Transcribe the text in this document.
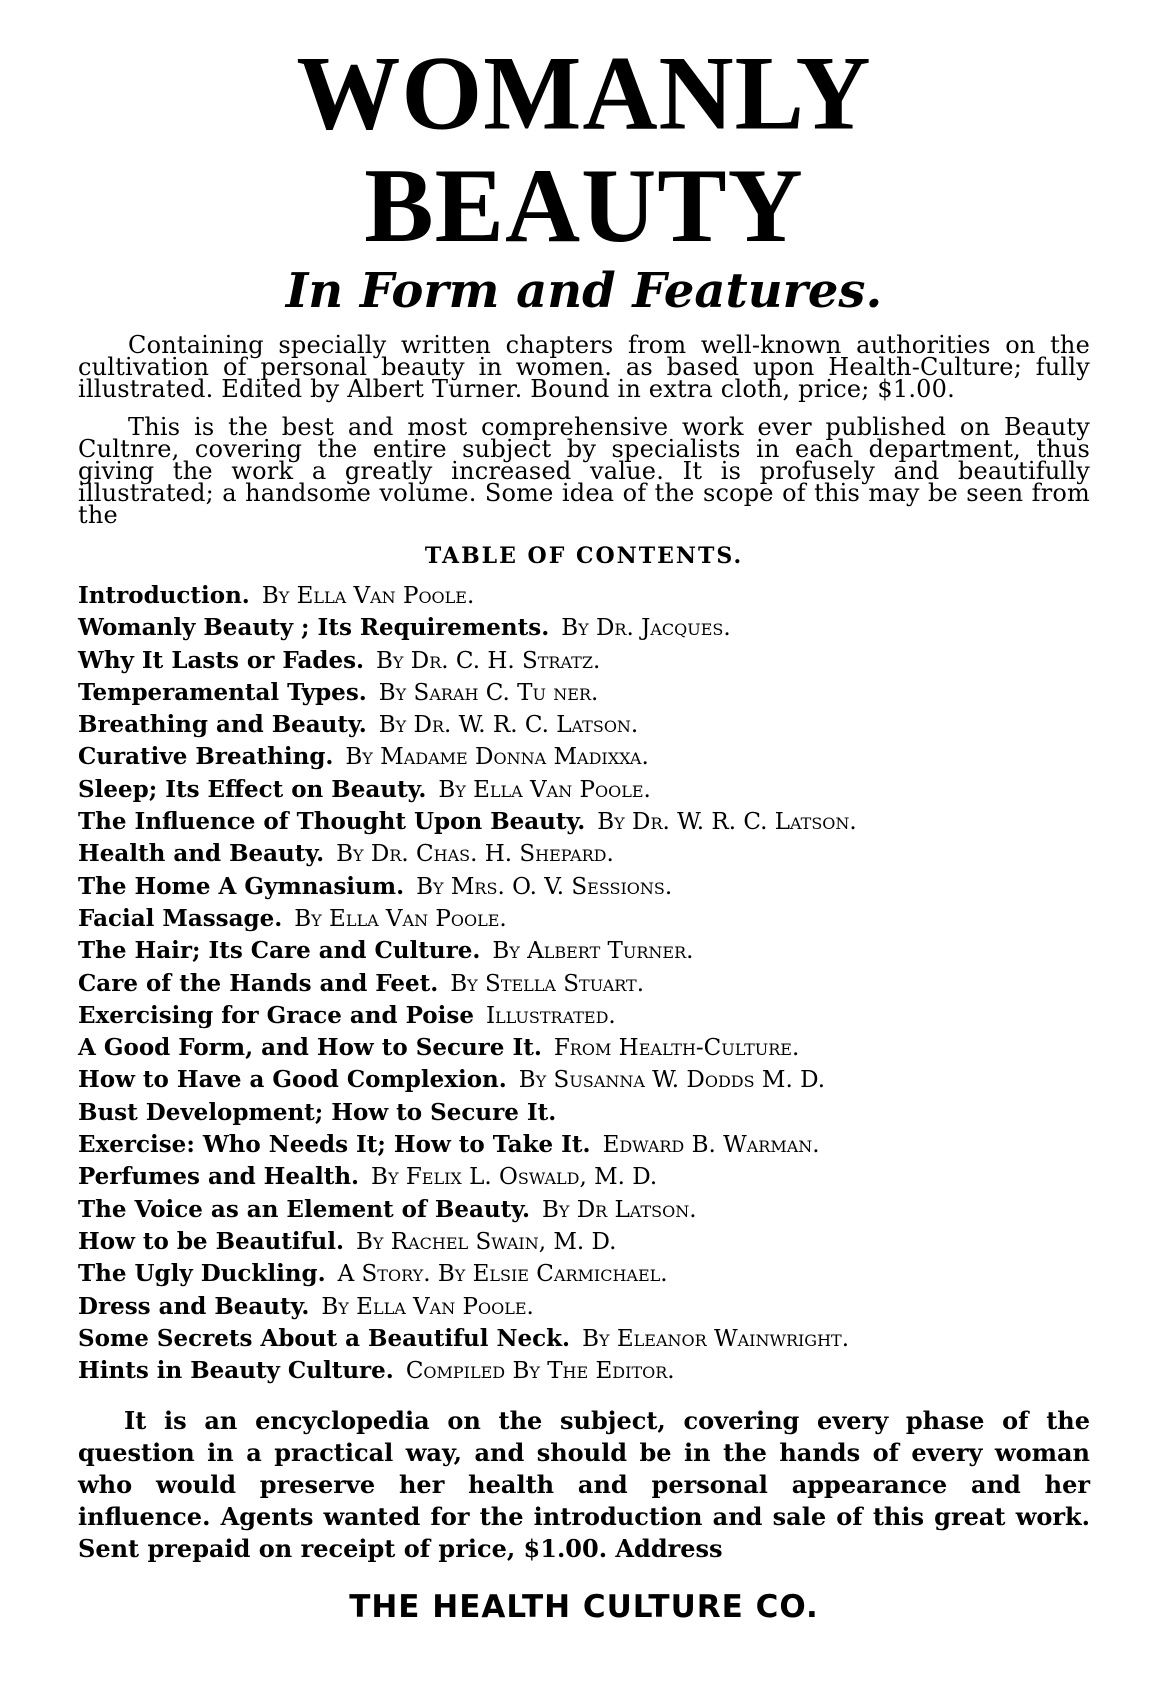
WOMANLY BEAUTY
In Form and Features.

Containing specially written chapters from well-known authorities on the cultivation of personal beauty in women. as based upon Health-Culture; fully illustrated. Edited by Albert Turner. Bound in extra cloth, price; $1.00.

This is the best and most comprehensive work ever published on Beauty Cultnre, covering the entire subject by specialists in each department, thus giving the work a greatly increased value. It is profusely and beautifully illustrated; a handsome volume. Some idea of the scope of this may be seen from the

TABLE OF CONTENTS.
Introduction. By Ella Van Poole.
Womanly Beauty ; Its Requirements. By Dr. Jacques.
Why It Lasts or Fades. By Dr. C. H. Stratz.
Temperamental Types. By Sarah C. Tu ner.
Breathing and Beauty. By Dr. W. R. C. Latson.
Curative Breathing. By Madame Donna Madixxa.
Sleep; Its Effect on Beauty. By Ella Van Poole.
The Influence of Thought Upon Beauty. By Dr. W. R. C. Latson.
Health and Beauty. By Dr. Chas. H. Shepard.
The Home A Gymnasium. By Mrs. O. V. Sessions.
Facial Massage. By Ella Van Poole.
The Hair; Its Care and Culture. By Albert Turner.
Care of the Hands and Feet. By Stella Stuart.
Exercising for Grace and Poise Illustrated.
A Good Form, and How to Secure It. From Health-Culture.
How to Have a Good Complexion. By Susanna W. Dodds M. D.
Bust Development; How to Secure It.
Exercise: Who Needs It; How to Take It. Edward B. Warman.
Perfumes and Health. By Felix L. Oswald, M. D.
The Voice as an Element of Beauty. By Dr Latson.
How to be Beautiful. By Rachel Swain, M. D.
The Ugly Duckling. A Story. By Elsie Carmichael.
Dress and Beauty. By Ella Van Poole.
Some Secrets About a Beautiful Neck. By Eleanor Wainwright.
Hints in Beauty Culture. Compiled By The Editor.

It is an encyclopedia on the subject, covering every phase of the question in a practical way, and should be in the hands of every woman who would preserve her health and personal appearance and her influence. Agents wanted for the introduction and sale of this great work. Sent prepaid on receipt of price, $1.00. Address

THE HEALTH CULTURE CO.
